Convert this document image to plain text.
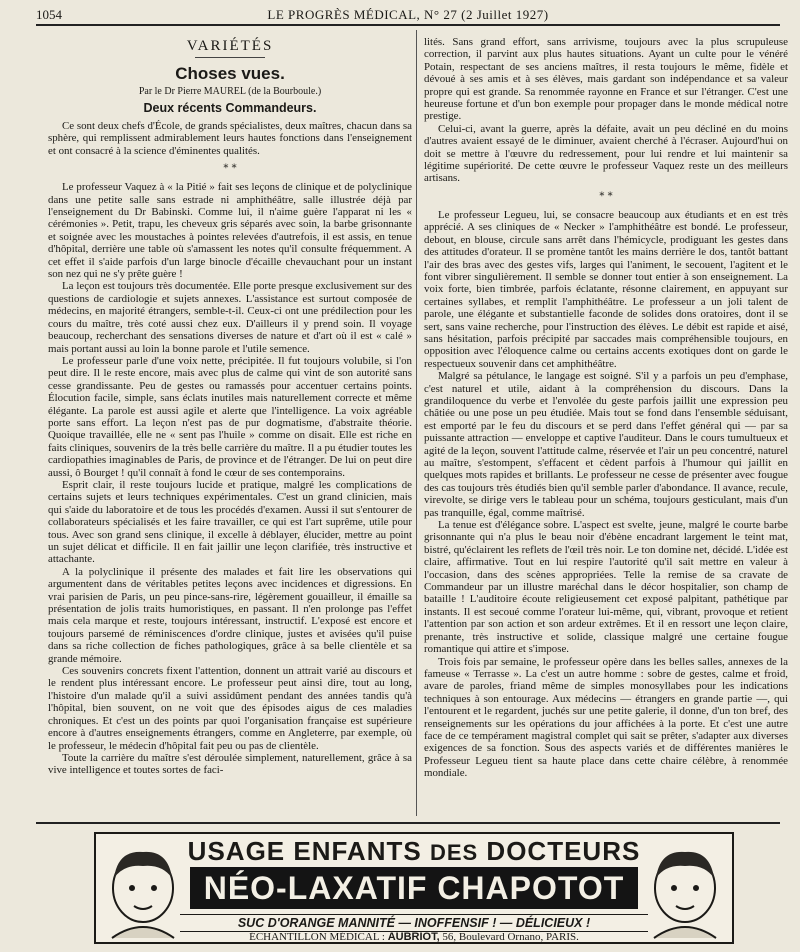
1054	LE PROGRÈS MÉDICAL, N° 27 (2 Juillet 1927)
VARIÉTÉS
Choses vues.
Par le Dr Pierre MAUREL (de la Bourboule.)
Deux récents Commandeurs.

Ce sont deux chefs d'École, de grands spécialistes, deux maîtres, chacun dans sa sphère, qui remplissent admirablement leurs hautes fonctions dans l'enseignement et ont consacré à la science d'éminentes qualités.

* *

Le professeur Vaquez à « la Pitié » fait ses leçons de clinique et de polyclinique dans une petite salle sans estrade ni amphithéâtre, salle illustrée déjà par l'enseignement du Dr Babinski. Comme lui, il n'aime guère l'apparat ni les « cérémonies ». Petit, trapu, les cheveux gris séparés avec soin, la barbe grisonnante et soignée avec les moustaches à pointes relevées d'autrefois, il est assis, en tenue d'hôpital, derrière une table où s'amassent les notes qu'il consulte fréquemment. A cet effet il s'aide parfois d'un large binocle d'écaille chevauchant pour un instant son nez qui ne s'y prête guère !

La leçon est toujours très documentée. Elle porte presque exclusivement sur des questions de cardiologie et sujets annexes. L'assistance est surtout composée de médecins, en majorité étrangers, semble-t-il. Ceux-ci ont une prédilection pour les cours du maître, très coté aussi chez eux. D'ailleurs il y prend soin. Il voyage beaucoup, recherchant des sensations diverses de nature et d'art où il est « calé » mais portant aussi au loin la bonne parole et l'utile semence.

Le professeur parle d'une voix nette, précipitée. Il fut toujours volubile, si l'on peut dire. Il le reste encore, mais avec plus de calme qui vint de son autorité sans cesse grandissante. Peu de gestes ou ramassés pour accentuer certains points. Élocution facile, simple, sans éclats inutiles mais naturellement correcte et même élégante. La parole est aussi agile et alerte que l'intelligence. La voix agréable porte sans effort. La leçon n'est pas de pur dogmatisme, d'abstraite théorie. Quoique travaillée, elle ne « sent pas l'huile » comme on disait. Elle est riche en faits cliniques, souvenirs de la très belle carrière du maître. Il a pu étudier toutes les cardiopathies imaginables de Paris, de province et de l'étranger. De lui on peut dire aussi, ô Bourget ! qu'il connaît à fond le cœur de ses contemporains.

Esprit clair, il reste toujours lucide et pratique, malgré les complications de certains sujets et leurs techniques expérimentales. C'est un grand clinicien, mais qui s'aide du laboratoire et de tous les procédés d'examen. Aussi il sut s'entourer de collaborateurs spécialisés et les faire travailler, ce qui est l'art suprême, utile pour tous. Avec son grand sens clinique, il excelle à déblayer, élucider, mettre au point un sujet délicat et difficile. Il en fait jaillir une leçon clarifiée, très instructive et attachante.

A la polyclinique il présente des malades et fait lire les observations qui argumentent dans de véritables petites leçons avec incidences et digressions. En vrai parisien de Paris, un peu pince-sans-rire, légèrement gouailleur, il émaille sa présentation de jolis traits humoristiques, en passant. Il n'en prolonge pas l'effet mais cela marque et reste, toujours intéressant, instructif. L'exposé est encore et toujours parsemé de réminiscences d'ordre clinique, justes et avisées qu'il puise dans sa riche collection de fiches pathologiques, grâce à sa belle clientèle et sa grande mémoire.

Ces souvenirs concrets fixent l'attention, donnent un attrait varié au discours et le rendent plus intéressant encore. Le professeur peut ainsi dire, tout au long, l'histoire d'un malade qu'il a suivi assidûment pendant des années tandis qu'à l'hôpital, bien souvent, on ne voit que des épisodes aigus de ces maladies chroniques. Et c'est un des points par quoi l'organisation française est supérieure encore à d'autres enseignements étrangers, comme en Angleterre, par exemple, où le professeur, le médecin d'hôpital fait peu ou pas de clientèle.

Toute la carrière du maître s'est déroulée simplement, naturellement, grâce à sa vive intelligence et toutes sortes de faci-

lités. Sans grand effort, sans arrivisme, toujours avec la plus scrupuleuse correction, il parvint aux plus hautes situations. Ayant un culte pour le vénéré Potain, respectant de ses anciens maîtres, il resta toujours le même, fidèle et dévoué à ses amis et à ses élèves, mais gardant son indépendance et sa valeur propre qui est grande. Sa renommée rayonne en France et sur l'étranger. C'est une heureuse fortune et d'un bon exemple pour propager dans le monde médical notre prestige.

Celui-ci, avant la guerre, après la défaite, avait un peu décliné en du moins d'autres avaient essayé de le diminuer, avaient cherché à l'écraser. Aujourd'hui on doit se mettre à l'œuvre du redressement, pour lui rendre et lui maintenir sa légitime supériorité. De cette œuvre le professeur Vaquez reste un des meilleurs artisans.

* *

Le professeur Legueu, lui, se consacre beaucoup aux étudiants et en est très apprécié. A ses cliniques de « Necker » l'amphithéâtre est bondé. Le professeur, debout, en blouse, circule sans arrêt dans l'hémicycle, prodiguant les gestes dans des attitudes d'orateur. Il se promène tantôt les mains derrière le dos, tantôt battant l'air des bras avec des gestes vifs, larges qui l'animent, le secouent, l'agitent et le font vibrer singulièrement. Il semble se donner tout entier à son enseignement. La voix forte, bien timbrée, parfois éclatante, résonne clairement, en appuyant sur certaines syllabes, et remplit l'amphithéâtre. Le professeur a un joli talent de parole, une élégante et substantielle faconde de solides dons oratoires, dont il se sert, sans vaine recherche, pour l'instruction des élèves. Le débit est rapide et aisé, sans hésitation, parfois précipité par saccades mais compréhensible toujours, en opposition avec l'éloquence calme ou certains accents exotiques dont on garde le respectueux souvenir dans cet amphithéâtre.

Malgré sa pétulance, le langage est soigné. S'il y a parfois un peu d'emphase, c'est naturel et utile, aidant à la compréhension du discours. Dans la grandiloquence du verbe et l'envolée du geste parfois jaillit une expression peu châtiée ou une pose un peu étudiée. Mais tout se fond dans l'ensemble séduisant, est emporté par le feu du discours et se perd dans l'effet général qui — par sa puissante attraction — enveloppe et captive l'auditeur. Dans le cours tumultueux et agité de la leçon, souvent l'attitude calme, réservée et l'air un peu concentré, naturel au maître, s'estompent, s'effacent et cèdent parfois à l'humour qui jaillit en quelques mots rapides et brillants. Le professeur ne cesse de présenter avec fougue des cas toujours très étudiés bien qu'il semble parler d'abondance. Il avance, recule, virevolte, se dirige vers le tableau pour un schéma, toujours gesticulant, mais d'un pas tranquille, égal, comme maîtrisé.

La tenue est d'élégance sobre. L'aspect est svelte, jeune, malgré le courte barbe grisonnante qui n'a plus le beau noir d'ébène encadrant largement le teint mat, bistré, qu'éclairent les reflets de l'œil très noir. Le ton domine net, décidé. L'idée est claire, affirmative. Tout en lui respire l'autorité qu'il sait mettre en valeur à l'occasion, dans des scènes appropriées. Telle la remise de sa cravate de Commandeur par un illustre maréchal dans le décor hospitalier, son champ de bataille ! L'auditoire écoute religieusement cet exposé palpitant, pathétique par instants. Il est secoué comme l'orateur lui-même, qui, vibrant, provoque et retient l'attention par son action et son ardeur extrêmes. Et il en ressort une leçon claire, prenante, très instructive et solide, classique malgré une certaine fougue romantique qui attire et s'impose.

Trois fois par semaine, le professeur opère dans les belles salles, annexes de la fameuse « Terrasse ». La c'est un autre homme : sobre de gestes, calme et froid, avare de paroles, friand même de simples monosyllabes pour les indications techniques à son entourage. Aux médecins — étrangers en grande partie —, qui l'entourent et le regardent, juchés sur une petite galerie, il donne, d'un ton bref, des renseignements sur les opérations du jour affichées à la porte. Et c'est une autre face de ce tempérament magistral complet qui sait se prêter, s'adapter aux diverses exigences de sa fonction. Sous des aspects variés et de différentes manières le Professeur Legueu tient sa haute place dans cette chaire célèbre, à renommée mondiale.

USAGE ENFANTS DES DOCTEURS
NÉO-LAXATIF CHAPOTOT
SUC D'ORANGE MANNITÉ — INOFFENSIF ! — DÉLICIEUX !
ÉCHANTILLON MÉDICAL : AUBRIOT, 56, Boulevard Ornano, PARIS.
